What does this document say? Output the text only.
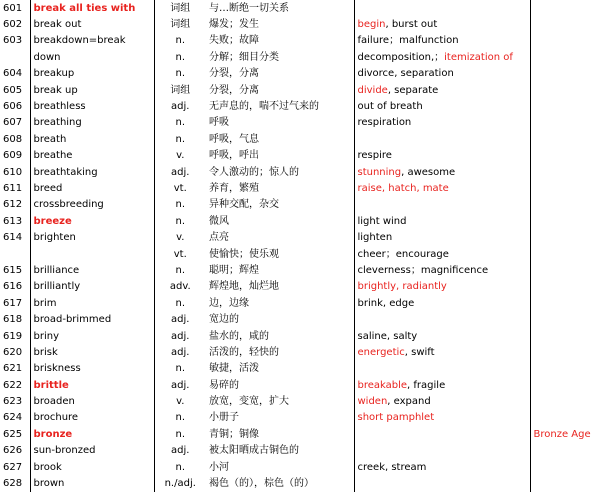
601	break all ties with	词组	与…断绝一切关系		
602	break out	词组	爆发；发生	begin, burst out	
603	breakdown=break	n.	失败；故障	failure；malfunction	
	down	n.	分解；细目分类	decomposition,；itemization of	
604	breakup	n.	分裂，分离	divorce, separation	
605	break up	词组	分裂，分离	divide, separate	
606	breathless	adj.	无声息的，喘不过气来的	out of breath	
607	breathing	n.	呼吸	respiration	
608	breath	n.	呼吸，气息		
609	breathe	v.	呼吸，呼出	respire	
610	breathtaking	adj.	令人激动的；惊人的	stunning, awesome	
611	breed	vt.	养育，繁殖	raise, hatch, mate	
612	crossbreeding	n.	异种交配，杂交		
613	breeze	n.	微风	light wind	
614	brighten	v.	点亮	lighten	
		vt.	使愉快；使乐观	cheer；encourage	
615	brilliance	n.	聪明；辉煌	cleverness；magnificence	
616	brilliantly	adv.	辉煌地，灿烂地	brightly, radiantly	
617	brim	n.	边，边缘	brink, edge	
618	broad-brimmed	adj.	宽边的		
619	briny	adj.	盐水的，咸的	saline, salty	
620	brisk	adj.	活泼的，轻快的	energetic, swift	
621	briskness	n.	敏捷，活泼		
622	brittle	adj.	易碎的	breakable, fragile	
623	broaden	v.	放宽，变宽，扩大	widen, expand	
624	brochure	n.	小册子	short pamphlet	
625	bronze	n.	青铜；铜像		Bronze Age
626	sun-bronzed	adj.	被太阳晒成古铜色的		
627	brook	n.	小河	creek, stream	
628	brown	n./adj.	褐色（的），棕色（的）		
